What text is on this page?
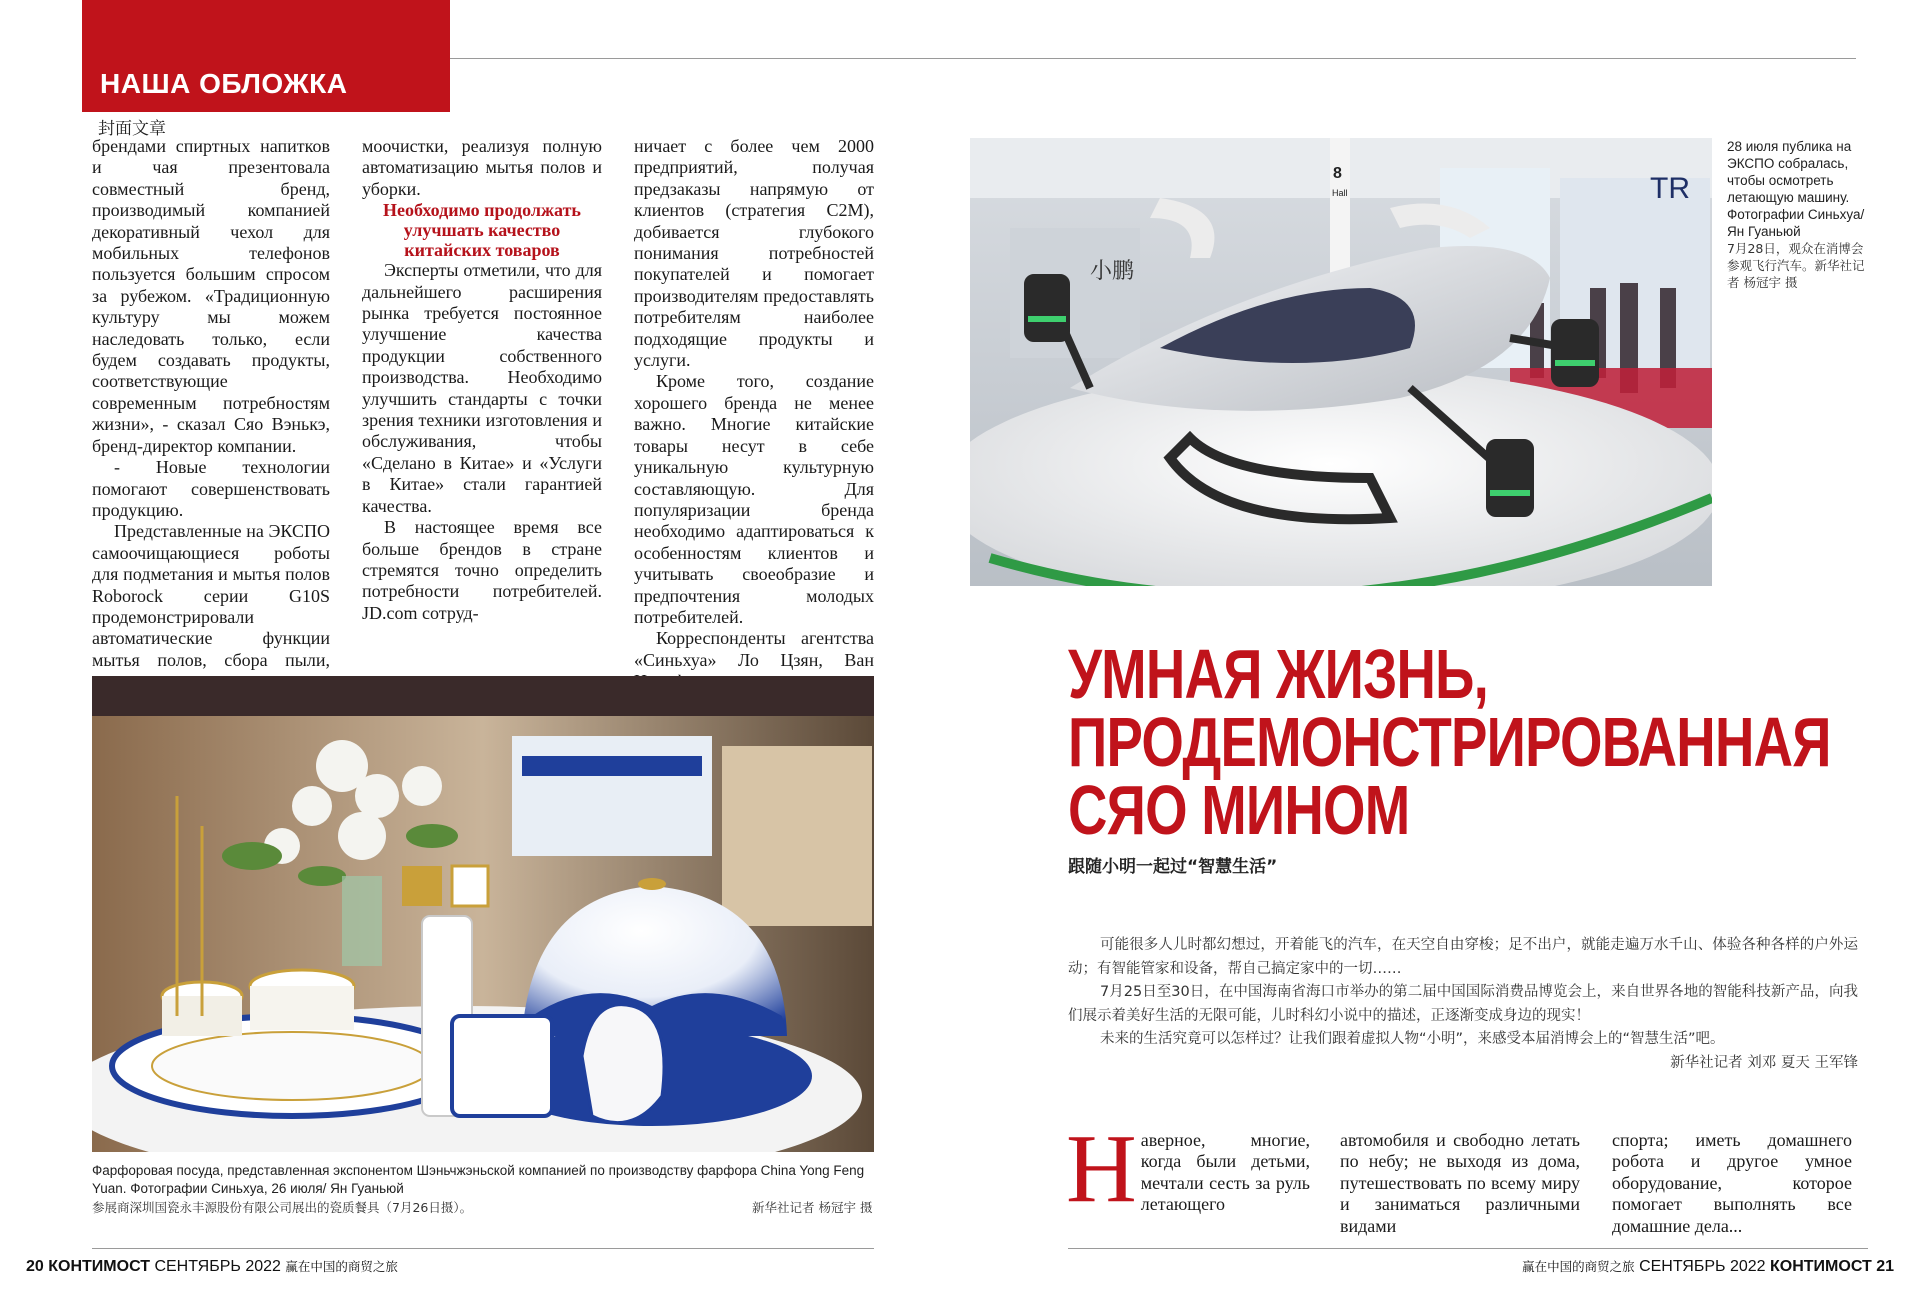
НАША ОБЛОЖКА
封面文章

брендами спиртных напитков и чая презентовала совместный бренд, производимый компанией декоративный чехол для мобильных телефонов пользуется большим спросом за рубежом. «Традиционную культуру мы можем наследовать только, если будем создавать продукты, соответствующие современным потребностям жизни», - сказал Сяо Вэнькэ, бренд-директор компании.

- Новые технологии помогают совершенствовать продукцию.

Представленные на ЭКСПО самоочищающиеся роботы для подметания и мытья полов Roborock серии G10S продемонстрировали автоматические функции мытья полов, сбора пыли,

моочистки, реализуя полную автоматизацию мытья полов и уборки.

Необходимо продолжать улучшать качество китайских товаров

Эксперты отметили, что для дальнейшего расширения рынка требуется постоянное улучшение качества продукции собственного производства. Необходимо улучшить стандарты с точки зрения техники изготовления и обслуживания, чтобы «Сделано в Китае» и «Услуги в Китае» стали гарантией качества.

В настоящее время все больше брендов в стране стремятся точно определить потребности потребителей. JD.com сотруд-

ничает с более чем 2000 предприятий, получая предзаказы напрямую от клиентов (стратегия C2M), добивается глубокого понимания потребностей покупателей и помогает производителям предоставлять потребителям наиболее подходящие продукты и услуги.

Кроме того, создание хорошего бренда не менее важно. Многие китайские товары несут в себе уникальную культурную составляющую. Для популяризации бренда необходимо адаптироваться к особенностям клиентов и учитывать своеобразие и предпочтения молодых потребителей.

Корреспонденты агентства «Синьхуа» Ло Цзян, Ван

小鹏
8
Hall	TR
28 июля публика на ЭКСПО собралась, чтобы осмотреть летающую машину. Фотографии Синьхуа/ Ян Гуаньюй
7月28日，观众在消博会参观飞行汽车。新华社记者 杨冠宇 摄
Фарфоровая посуда, представленная экспонентом Шэньчжэньской компанией по производству фарфора China Yong Feng Yuan. Фотографии Синьхуа, 26 июля/ Ян Гуаньюй
参展商深圳国瓷永丰源股份有限公司展出的瓷质餐具（7月26日摄）。	新华社记者 杨冠宇 摄
УМНАЯ ЖИЗНЬ, ПРОДЕМОНСТРИРОВАННАЯ СЯО МИНОМ
跟随小明一起过“智慧生活”

可能很多人儿时都幻想过，开着能飞的汽车，在天空自由穿梭；足不出户，就能走遍万水千山、体验各种各样的户外运动；有智能管家和设备，帮自己搞定家中的一切……

7月25日至30日，在中国海南省海口市举办的第二届中国国际消费品博览会上，来自世界各地的智能科技新产品，向我们展示着美好生活的无限可能，儿时科幻小说中的描述，正逐渐变成身边的现实！

未来的生活究竟可以怎样过？让我们跟着虚拟人物“小明”，来感受本届消博会上的“智慧生活”吧。

新华社记者 刘邓 夏天 王军锋

Наверное, многие, когда были детьми, мечтали сесть за руль летающего

автомобиля и свободно летать по небу; не выходя из дома, путешествовать по всему миру и заниматься различными видами

спорта; иметь домашнего робота и другое умное оборудование, которое помогает выполнять все домашние дела...

20 КОНТИМОСТ СЕНТЯБРЬ 2022 赢在中国的商贸之旅	赢在中国的商贸之旅 СЕНТЯБРЬ 2022 КОНТИМОСТ 21
